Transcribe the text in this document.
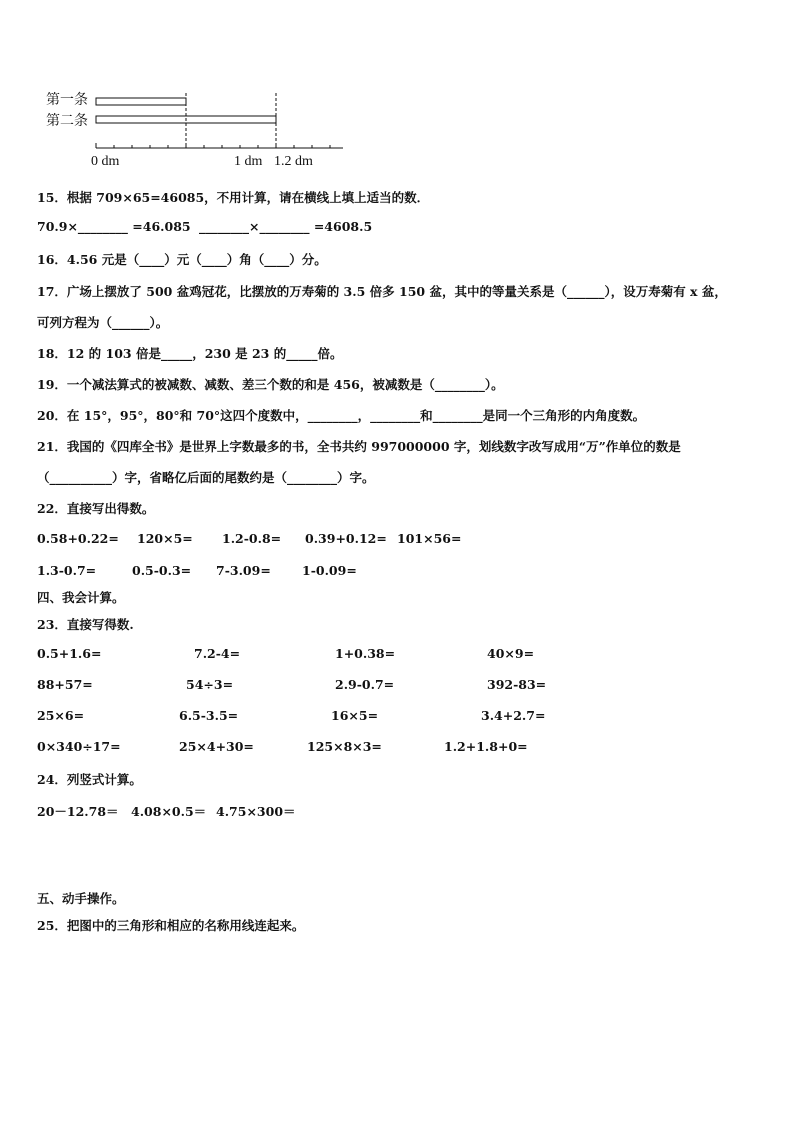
第一条
第二条
0 dm	1 dm 1.2 dm
15．根据 709×65=46085，不用计算，请在横线上填上适当的数．
70.9×________ =46.085 ________×________ =4608.5
16．4.56 元是（____）元（____）角（____）分。
17．广场上摆放了 500 盆鸡冠花，比摆放的万寿菊的 3.5 倍多 150 盆，其中的等量关系是（______），设万寿菊有 x 盆，
可列方程为（______）。
18．12 的 103 倍是_____，230 是 23 的_____倍。
19．一个减法算式的被减数、减数、差三个数的和是 456，被减数是（________）。
20．在 15°，95°，80°和 70°这四个度数中，________，________和________是同一个三角形的内角度数。
21．我国的《四库全书》是世界上字数最多的书，全书共约 997000000 字，划线数字改写成用“万”作单位的数是
（__________）字，省略亿后面的尾数约是（________）字。
22．直接写出得数。
0.58+0.22= 120×5= 1.2-0.8= 0.39+0.12= 101×56=
1.3-0.7=	0.5-0.3= 7-3.09= 1-0.09=
四、我会计算。
23．直接写得数.
0.5+1.6=	7.2-4=	1+0.38=	40×9=
88+57=	54÷3=	2.9-0.7=	392-83=
25×6=	6.5-3.5=	16×5=	3.4+2.7=
0×340÷17=	25×4+30=	125×8×3=	1.2+1.8+0=
24．列竖式计算。
20－12.78＝ 4.08×0.5＝ 4.75×300＝
五、动手操作。
25．把图中的三角形和相应的名称用线连起来。
